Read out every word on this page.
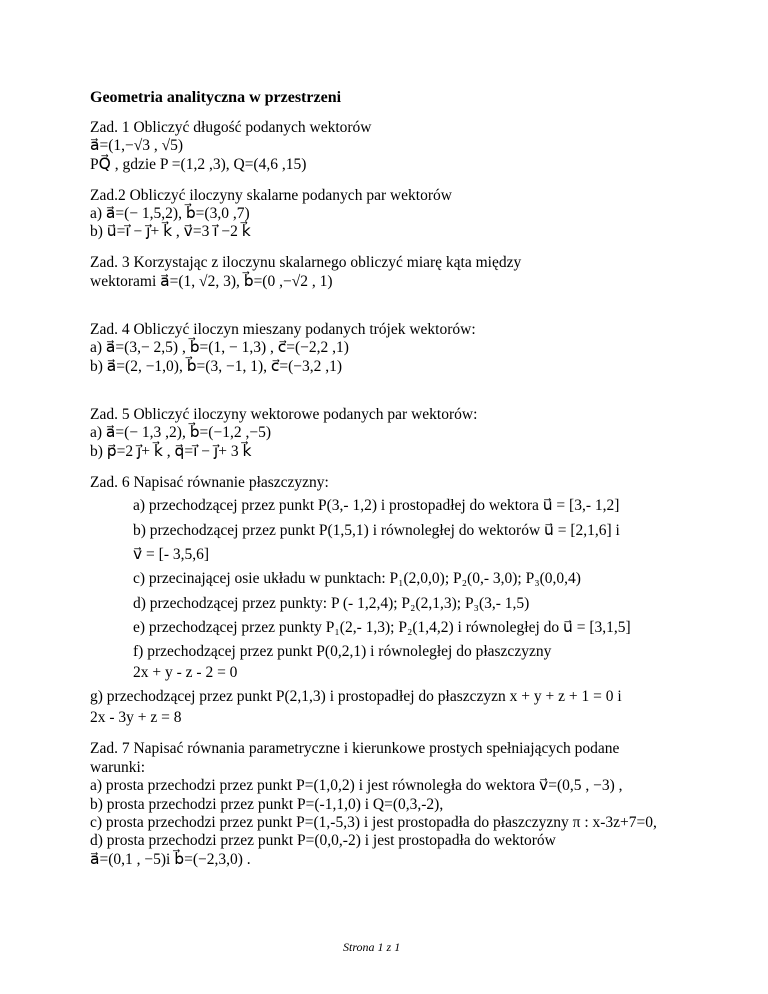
Geometria analityczna w przestrzeni
Zad. 1 Obliczyć długość podanych wektorów
a⃗=(1,−√3 , √5)
PQ⃗ , gdzie P =(1,2 ,3), Q=(4,6 ,15)
Zad.2 Obliczyć iloczyny skalarne podanych par wektorów
a) a⃗=(− 1,5,2), b⃗=(3,0 ,7)
b) u⃗=i⃗ − j⃗+ k⃗ , v⃗=3 i⃗ −2 k⃗
Zad. 3 Korzystając z iloczynu skalarnego obliczyć miarę kąta między
wektorami a⃗=(1, √2, 3), b⃗=(0 ,−√2 , 1)
Zad. 4 Obliczyć iloczyn mieszany podanych trójek wektorów:
a) a⃗=(3,− 2,5) , b⃗=(1, − 1,3) , c⃗=(−2,2 ,1)
b) a⃗=(2, −1,0), b⃗=(3, −1, 1), c⃗=(−3,2 ,1)
Zad. 5 Obliczyć iloczyny wektorowe podanych par wektorów:
a) a⃗=(− 1,3 ,2), b⃗=(−1,2 ,−5)
b) p⃗=2 j⃗+ k⃗ , q⃗=i⃗ − j⃗+ 3 k⃗
Zad. 6 Napisać równanie płaszczyzny:
a) przechodzącej przez punkt P(3,- 1,2) i prostopadłej do wektora u⃗ = [3,- 1,2]
b) przechodzącej przez punkt P(1,5,1) i równoległej do wektorów u⃗ = [2,1,6] i
v⃗ = [- 3,5,6]
c) przecinającej osie układu w punktach: P₁(2,0,0); P₂(0,- 3,0); P₃(0,0,4)
d) przechodzącej przez punkty: P (- 1,2,4); P₂(2,1,3); P₃(3,- 1,5)
e) przechodzącej przez punkty P₁(2,- 1,3); P₂(1,4,2) i równoległej do u⃗ = [3,1,5]
f) przechodzącej przez punkt P(0,2,1) i równoległej do płaszczyzny
2x + y - z - 2 = 0
g) przechodzącej przez punkt P(2,1,3) i prostopadłej do płaszczyzn x + y + z + 1 = 0 i
2x - 3y + z = 8
Zad. 7 Napisać równania parametryczne i kierunkowe prostych spełniających podane
warunki:
a) prosta przechodzi przez punkt P=(1,0,2) i jest równoległa do wektora v⃗=(0,5 , −3) ,
b) prosta przechodzi przez punkt P=(-1,1,0) i Q=(0,3,-2),
c) prosta przechodzi przez punkt P=(1,-5,3) i jest prostopadła do płaszczyzny π : x-3z+7=0,
d) prosta przechodzi przez punkt P=(0,0,-2) i jest prostopadła do wektorów
a⃗=(0,1 , −5)i b⃗=(−2,3,0) .
Strona 1 z 1
